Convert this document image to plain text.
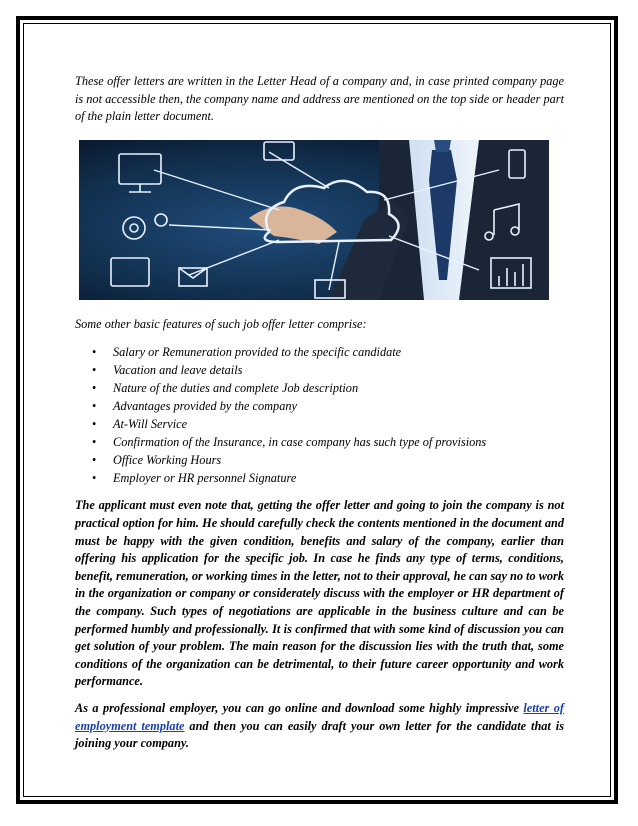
These offer letters are written in the Letter Head of a company and, in case printed company page is not accessible then, the company name and address are mentioned on the top side or header part of the plain letter document.

Some other basic features of such job offer letter comprise:

• Salary or Remuneration provided to the specific candidate
• Vacation and leave details
• Nature of the duties and complete Job description
• Advantages provided by the company
• At-Will Service
• Confirmation of the Insurance, in case company has such type of provisions
• Office Working Hours
• Employer or HR personnel Signature

The applicant must even note that, getting the offer letter and going to join the company is not practical option for him. He should carefully check the contents mentioned in the document and must be happy with the given condition, benefits and salary of the company, earlier than offering his application for the specific job. In case he finds any type of terms, conditions, benefit, remuneration, or working times in the letter, not to their approval, he can say no to work in the organization or company or considerately discuss with the employer or HR department of the company. Such types of negotiations are applicable in the business culture and can be performed humbly and professionally. It is confirmed that with some kind of discussion you can get solution of your problem. The main reason for the discussion lies with the truth that, some conditions of the organization can be detrimental, to their future career opportunity and work performance.

As a professional employer, you can go online and download some highly impressive letter of employment template and then you can easily draft your own letter for the candidate that is joining your company.
